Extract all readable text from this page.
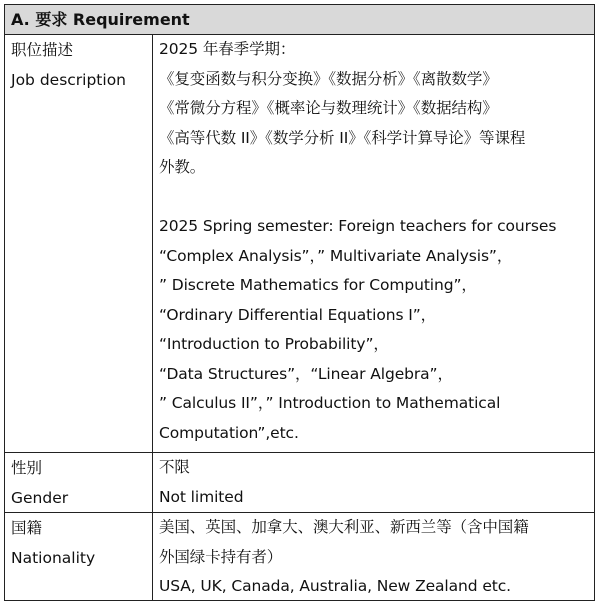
A. 要求 Requirement
职位描述
Job description
2025 年春季学期：
《复变函数与积分变换》《数据分析》《离散数学》
《常微分方程》《概率论与数理统计》《数据结构》
《高等代数 II》《数学分析 II》《科学计算导论》等课程
外教。
2025 Spring semester: Foreign teachers for courses
“Complex Analysis”，” Multivariate Analysis”，
” Discrete Mathematics for Computing”，
“Ordinary Differential Equations I”，
“Introduction to Probability”，
“Data Structures”，“Linear Algebra”，
” Calculus II”，” Introduction to Mathematical
Computation”,etc.
性别
Gender
不限
Not limited
国籍
Nationality
美国、英国、加拿大、澳大利亚、新西兰等（含中国籍
外国绿卡持有者）
USA, UK, Canada, Australia, New Zealand etc.
